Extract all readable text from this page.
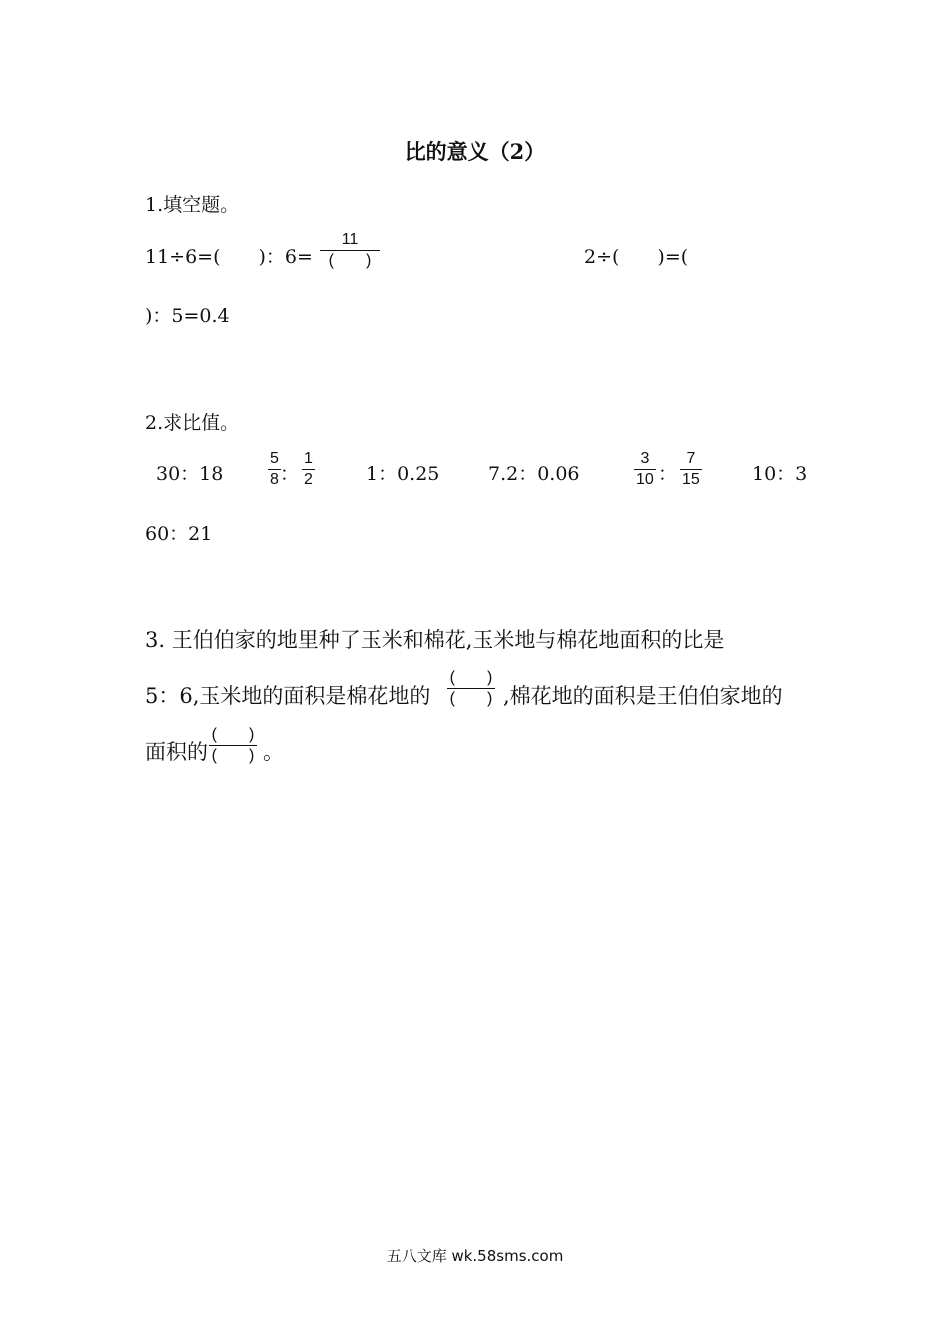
比的意义（2）
1.填空题。
11÷6=(　　)：6=
11
(　　)	2÷(　　)=(
)：5=0.4
2.求比值。
30：18
5
8 ：
1
2	1：0.25	7.2：0.06
3
10 ：
7
15	10：3
60：21
3. 王伯伯家的地里种了玉米和棉花,玉米地与棉花地面积的比是
5：6,玉米地的面积是棉花地的
(　　)
(　　) ,棉花地的面积是王伯伯家地的
面积的
(　　)
(　　) 。
五八文库 wk.58sms.com
